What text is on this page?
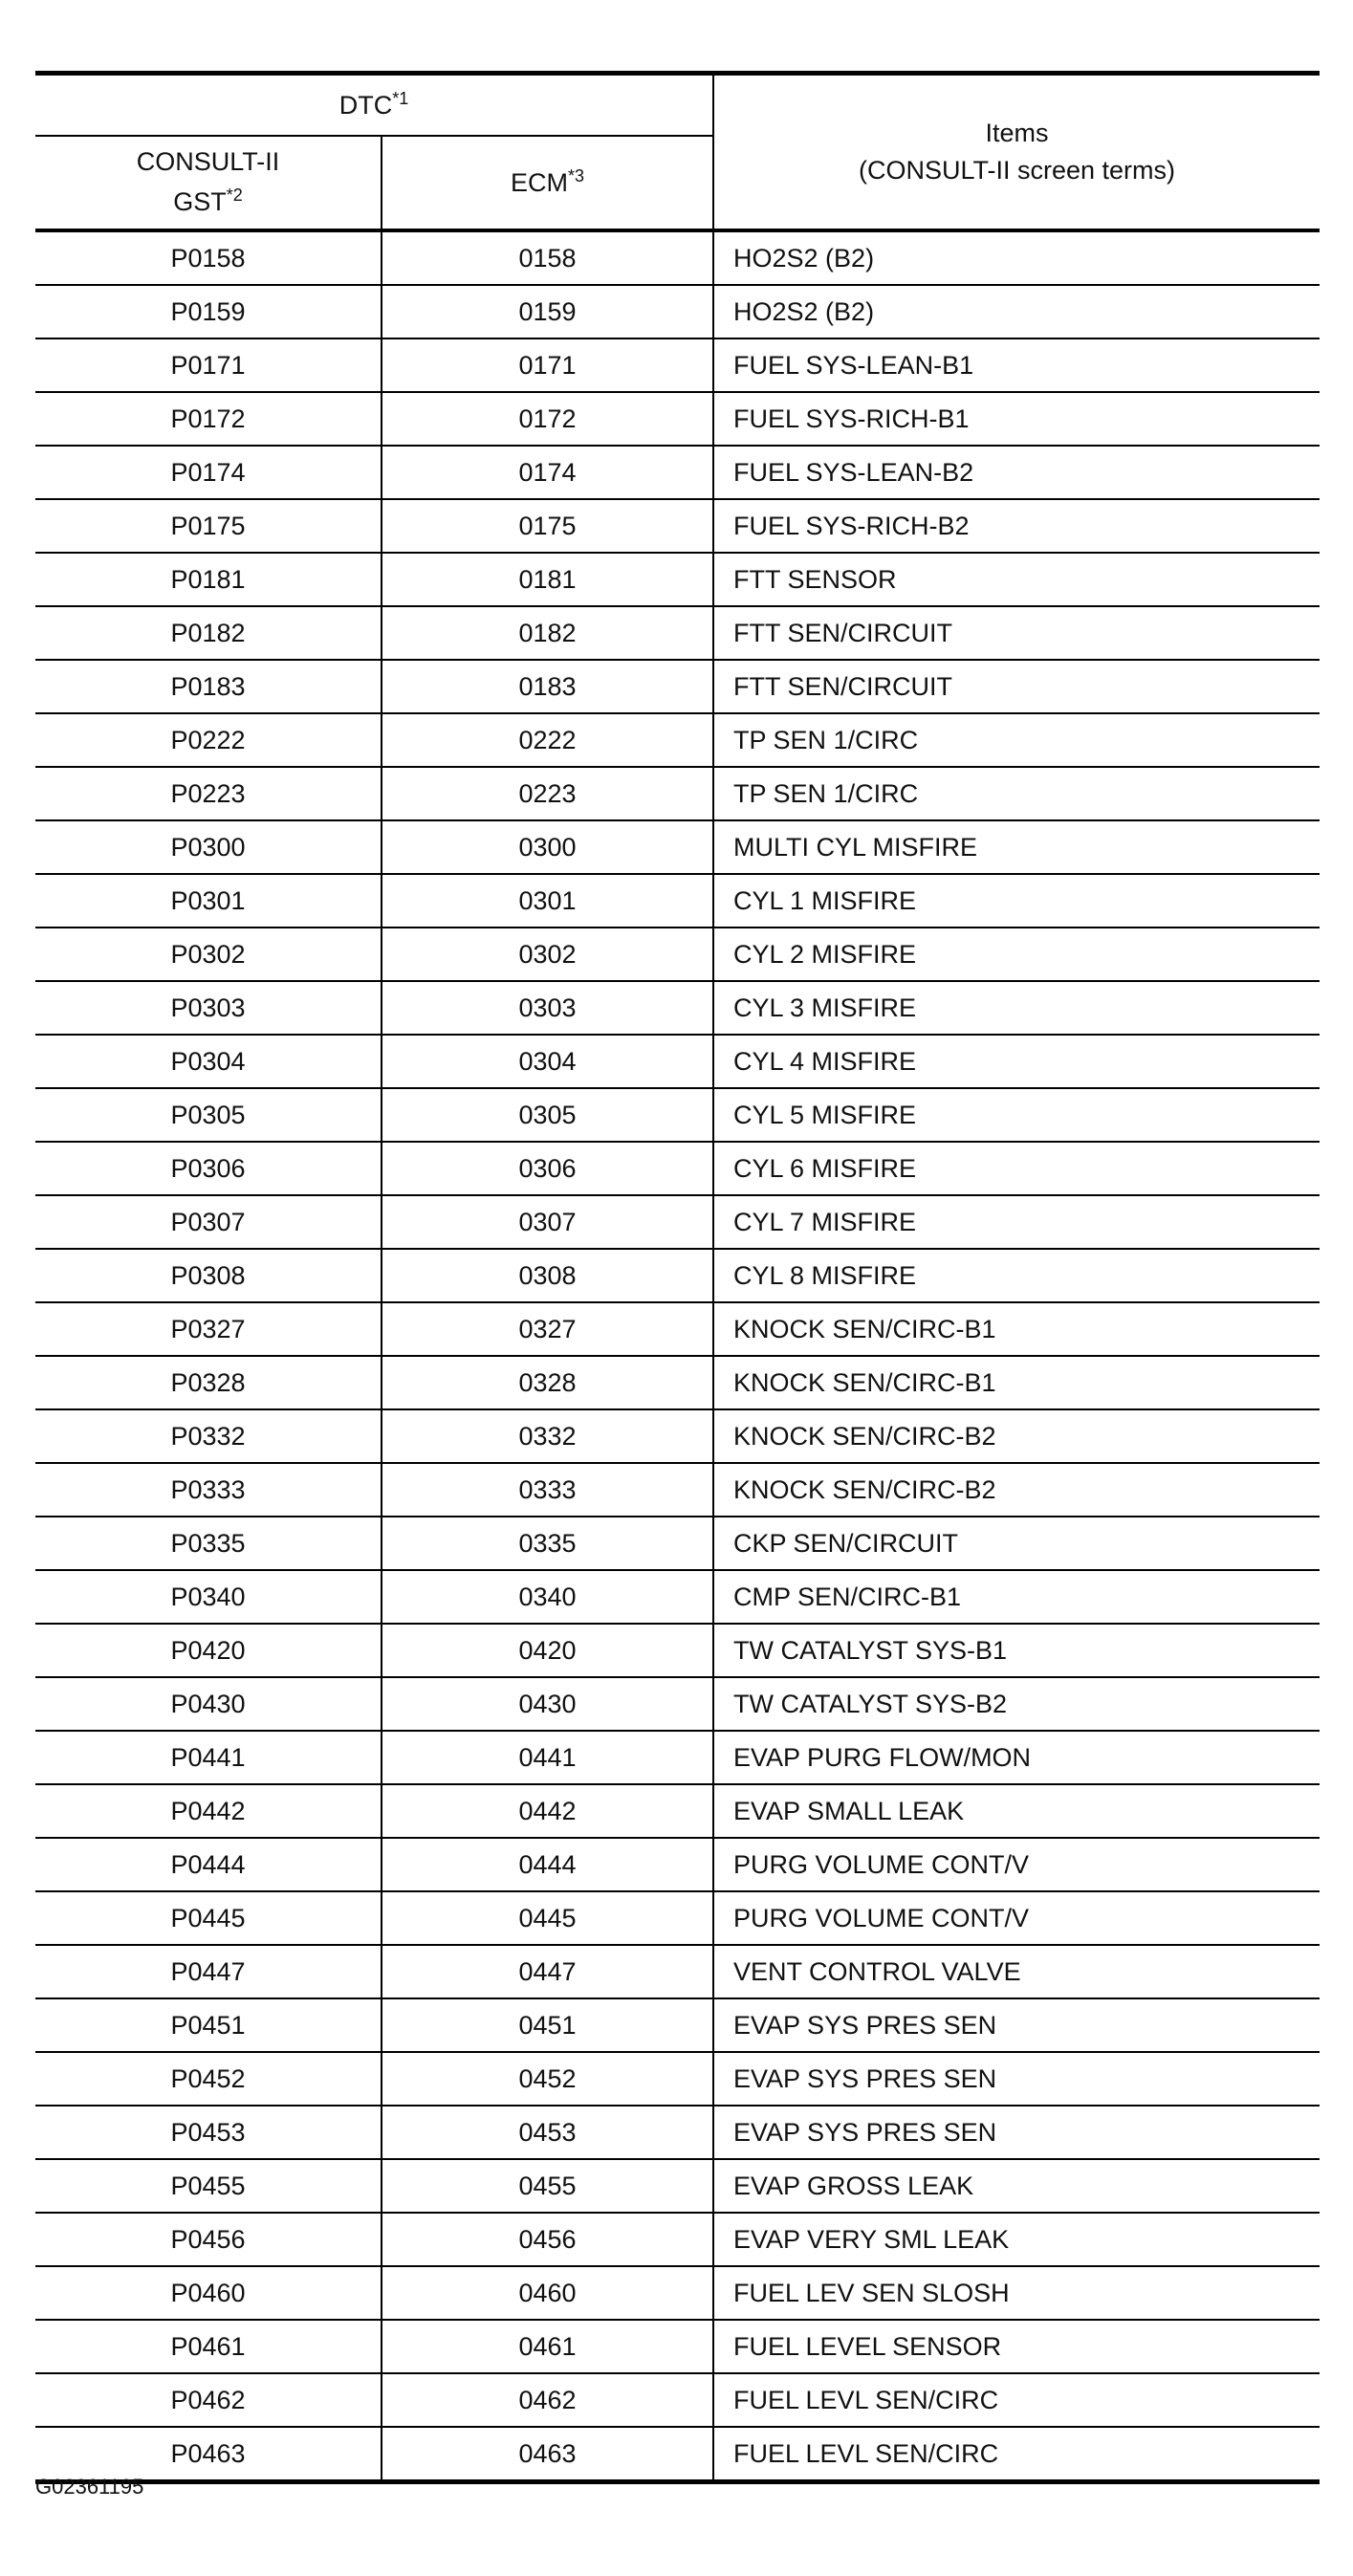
DTC$^{*1}$		Items
(CONSULT-II screen terms)

CONSULT-II
GST$^{*2}$	ECM$^{*3}$
P0158	0158	HO2S2 (B2)
P0159	0159	HO2S2 (B2)
P0171	0171	FUEL SYS-LEAN-B1
P0172	0172	FUEL SYS-RICH-B1
P0174	0174	FUEL SYS-LEAN-B2
P0175	0175	FUEL SYS-RICH-B2
P0181	0181	FTT SENSOR
P0182	0182	FTT SEN/CIRCUIT
P0183	0183	FTT SEN/CIRCUIT
P0222	0222	TP SEN 1/CIRC
P0223	0223	TP SEN 1/CIRC
P0300	0300	MULTI CYL MISFIRE
P0301	0301	CYL 1 MISFIRE
P0302	0302	CYL 2 MISFIRE
P0303	0303	CYL 3 MISFIRE
P0304	0304	CYL 4 MISFIRE
P0305	0305	CYL 5 MISFIRE
P0306	0306	CYL 6 MISFIRE
P0307	0307	CYL 7 MISFIRE
P0308	0308	CYL 8 MISFIRE
P0327	0327	KNOCK SEN/CIRC-B1
P0328	0328	KNOCK SEN/CIRC-B1
P0332	0332	KNOCK SEN/CIRC-B2
P0333	0333	KNOCK SEN/CIRC-B2
P0335	0335	CKP SEN/CIRCUIT
P0340	0340	CMP SEN/CIRC-B1
P0420	0420	TW CATALYST SYS-B1
P0430	0430	TW CATALYST SYS-B2
P0441	0441	EVAP PURG FLOW/MON
P0442	0442	EVAP SMALL LEAK
P0444	0444	PURG VOLUME CONT/V
P0445	0445	PURG VOLUME CONT/V
P0447	0447	VENT CONTROL VALVE
P0451	0451	EVAP SYS PRES SEN
P0452	0452	EVAP SYS PRES SEN
P0453	0453	EVAP SYS PRES SEN
P0455	0455	EVAP GROSS LEAK
P0456	0456	EVAP VERY SML LEAK
P0460	0460	FUEL LEV SEN SLOSH
P0461	0461	FUEL LEVEL SENSOR
P0462	0462	FUEL LEVL SEN/CIRC
P0463	0463	FUEL LEVL SEN/CIRC
G02361195
